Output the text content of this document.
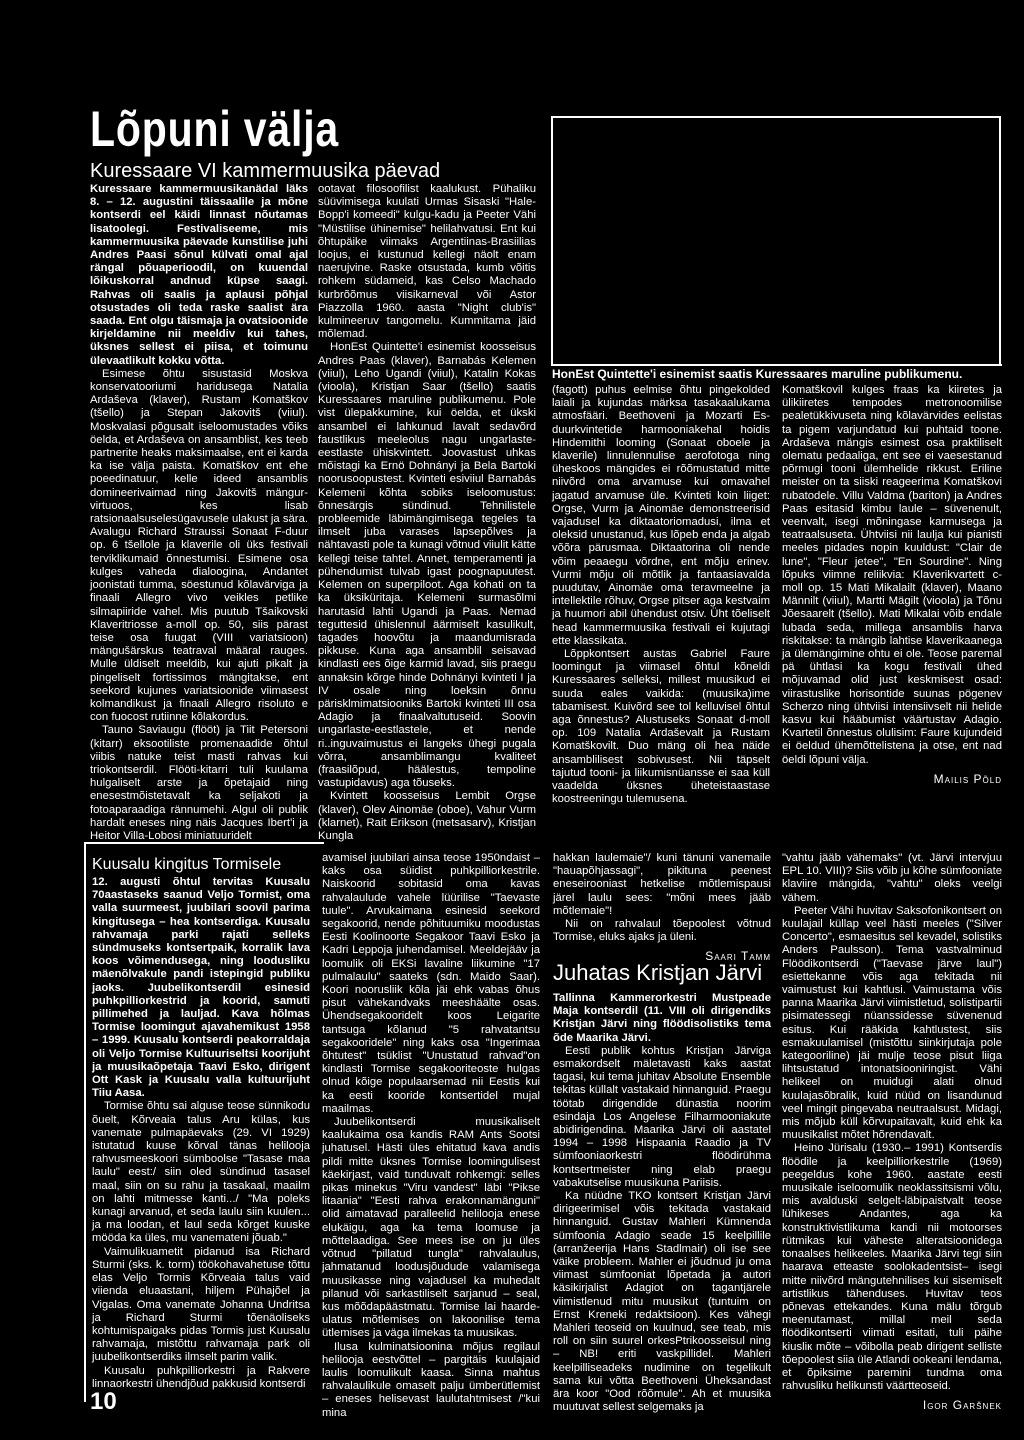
Lõpuni välja
Kuressaare VI kammermuusika päevad
HonEst Quintette'i esinemist saatis Kuressaares maruline publikumenu.

Kuressaare kammermuusikanädal läks 8. – 12. augustini täissaalile ja mõne kontserdi eel käidi linnast nõutamas lisatoolegi. Festivaliseeme, mis kammermuusika päevade kunstilise juhi Andres Paasi sõnul külvati omal ajal rängal põuaperioodil, on kuuendal lõikuskorral andnud küpse saagi. Rahvas oli saalis ja aplausi põhjal otsustades oli teda raske saalist ära saada. Ent olgu täismaja ja ovatsioonide kirjeldamine nii meeldiv kui tahes, üksnes sellest ei piisa, et toimunu ülevaatlikult kokku võtta.

Esimese õhtu sisustasid Moskva konservatooriumi haridusega Natalia Ardaševa (klaver), Rustam Komatškov (tšello) ja Stepan Jakovitš (viiul). Moskvalasi põgusalt iseloomustades võiks öelda, et Ardaševa on ansamblist, kes teeb partnerite heaks maksimaalse, ent ei karda ka ise välja paista. Komatškov ent ehe poeedinatuur, kelle ideed ansamblis domineerivaimad ning Jakovitš mängur-virtuoos, kes lisab ratsionaalsuselesügavusele ulakust ja sära. Avalugu Richard Straussi Sonaat F-duur op. 6 tšellole ja klaverile oli üks festivali terviklikumaid õnnestumisi. Esimene osa kulges vaheda dialoogina, Andantet joonistati tumma, söestunud kõlavärviga ja finaali Allegro vivo veikles petlike silmapiiride vahel. Mis puutub Tšaikovski Klaveritriosse a-moll op. 50, siis pärast teise osa fuugat (VIII variatsioon) mängušärskus teatraval määral rauges. Mulle üldiselt meeldib, kui ajuti pikalt ja pingeliselt fortissimos mängitakse, ent seekord kujunes variatsioonide viimasest kolmandikust ja finaali Allegro risoluto e con fuocost rutiinne kõlakordus.

Tauno Saviaugu (flööt) ja Tiit Petersoni (kitarr) eksootiliste promenaadide õhtul viibis natuke teist masti rahvas kui triokontserdil. Flööti-kitarri tuli kuulama hulgaliselt arste ja õpetajaid ning enesestmõistetavalt ka seljakoti ja fotoaparaadiga rännumehi. Algul oli publik hardalt eneses ning näis Jacques Ibert'i ja Heitor Villa-Lobosi miniatuuridelt

ootavat filosoofilist kaalukust. Pühaliku süüvimisega kuulati Urmas Sisaski "Hale-Bopp'i komeedi" kulgu-kadu ja Peeter Vähi "Müstilise ühinemise" helilahvatusi. Ent kui õhtupäike viimaks Argentiinas-Brasiilias loojus, ei kustunud kellegi näolt enam naerujvine. Raske otsustada, kumb võitis rohkem südameid, kas Celso Machado kurbrõõmus viisikarneval või Astor Piazzolla 1960. aasta "Night club'is" kulmineeruv tangomelu. Kummitama jäid mõlemad.

HonEst Quintette'i esinemist koosseisus Andres Paas (klaver), Barnabás Kelemen (viiul), Leho Ugandi (viiul), Katalin Kokas (vioola), Kristjan Saar (tšello) saatis Kuressaares maruline publikumenu. Pole vist ülepakkumine, kui öelda, et ükski ansambel ei lahkunud lavalt sedavõrd faustlikus meeleolus nagu ungarlaste-eestlaste ühiskvintett. Joovastust uhkas mõistagi ka Ernö Dohnányi ja Bela Bartoki noorusoopustest. Kvinteti esiviiul Barnabás Kelemeni kõhta sobiks iseloomustus: õnnesärgis sündinud. Tehnilistele probleemide läbimängimisega tegeles ta ilmselt juba varases lapsepõlves ja nähtavasti pole ta kunagi võtnud viiulit kätte kellegi teise tahtel. Annet, temperamenti ja pühendumist tulvab igast poognapuutest. Kelemen on superpiloot. Aga kohati on ta ka üksiküritaja. Kelemeni surmasõlmi harutasid lahti Ugandi ja Paas. Nemad teguttesid ühislennul äärmiselt kasulikult, tagades hoovõtu ja maandumisrada pikkuse. Kuna aga ansamblil seisavad kindlasti ees õige karmid lavad, siis praegu annaksin kõrge hinde Dohnányi kvinteti I ja IV osale ning loeksin õnnu pärisklmimatsiooniks Bartoki kvinteti III osa Adagio ja finaalvaltutuseid. Soovin ungarlaste-eestlastele, et nende ri..inguvaimustus ei langeks ühegi pugala võrra, ansamblimangu kvaliteet (fraasilõpud, häälestus, tempoline vastupidavus) aga tõuseks.

Kvintett koosseisus Lembit Orgse (klaver), Olev Ainomäe (oboe), Vahur Vurm (klarnet), Rait Erikson (metsasarv), Kristjan Kungla

(fagott) puhus eelmise õhtu pingekolded laiali ja kujundas märksa tasakaalukama atmosfääri. Beethoveni ja Mozarti Es-duurkvintetide harmooniakehal hoidis Hindemithi looming (Sonaat oboele ja klaverile) linnulennulise aerofotoga ning üheskoos mängides ei rõõmustatud mitte niivõrd oma arvamuse kui omavahel jagatud arvamuse üle. Kvinteti koin liiget: Orgse, Vurm ja Ainomäe demonstreerisid vajadusel ka diktaatoriomadusi, ilma et oleksid unustanud, kus lõpeb enda ja algab võõra pärusmaa. Diktaatorina oli nende võim peaaegu võrdne, ent mõju erinev. Vurmi mõju oli mõtlik ja fantaasiavalda puudutav, Ainomäe oma teravmeelne ja intellektile rõhuv, Orgse pitser aga kestvaim ja huumori abil ühendust otsiv. Üht tõeliselt head kammermuusika festivali ei kujutagi ette klassikata.

Lõppkontsert austas Gabriel Faure loomingut ja viimasel õhtul kõneldi Kuressaares selleksi, millest muusikud ei suuda eales vaikida: (muusika)ime tabamisest. Kuivõrd see tol kelluvisel õhtul aga õnnestus? Alustuseks Sonaat d-moll op. 109 Natalia Ardaševalt ja Rustam Komatškovilt. Duo mäng oli hea näide ansamblilisest sobivusest. Nii täpselt tajutud tooni- ja liikumisnüansse ei saa küll vaadelda üksnes üheteistaastase koostreeningu tulemusena.

Komatškovil kulges fraas ka kiiretes ja ülikiiretes tempodes metronoomilise pealetükkivuseta ning kõlavärvides eelistas ta pigem varjundatud kui puhtaid toone. Ardaševa mängis esimest osa praktiliselt olematu pedaaliga, ent see ei vaesestanud põrmugi tooni ülemhelide rikkust. Eriline meister on ta siiski reageerima Komatškovi rubatodele. Villu Valdma (bariton) ja Andres Paas esitasid kimbu laule – süvenenult, veenvalt, isegi mõningase karmusega ja teatraalsuseta. Ühtviisi nii laulja kui pianisti meeles pidades nopin kuuldust: "Clair de lune", "Fleur jetee", "En Sourdine". Ning lõpuks viimne reliikvia: Klaverikvartett c-moll op. 15 Mati Mikalailt (klaver), Maano Männilt (viiul), Martti Mägilt (vioola) ja Tõnu Jõesaarelt (tšello). Mati Mikalai võib endale lubada seda, millega ansamblis harva riskitakse: ta mängib lahtise klaverikaanega ja ülemängimine ohtu ei ole. Teose paremal pä ühtlasi ka kogu festivali ühed mõjuvamad olid just keskmisest osad: viirastuslike horisontide suunas pögenev Scherzo ning ühtviisi intensiivselt nii helide kasvu kui hääbumist väärtustav Adagio. Kvartetil õnnestus olulisim: Faure kujundeid ei öeldud ühemõttelistena ja otse, ent nad öeldi lõpuni välja.

Mailis Põld

Kuusalu kingitus Tormisele

12. augusti õhtul tervitas Kuusalu 70aastaseks saanud Veljo Tormist, oma valla suurmeest, juubilari soovil parima kingitusega – hea kontserdiga. Kuusalu rahvamaja parki rajati selleks sündmuseks kontsertpaik, korralik lava koos võimendusega, ning loodusliku mäenõlvakule pandi istepingid publiku jaoks. Juubelikontserdil esinesid puhkpilliorkestrid ja koorid, samuti pillimehed ja lauljad. Kava hõlmas Tormise loomingut ajavahemikust 1958 – 1999. Kuusalu kontserdi peakorraldaja oli Veljo Tormise Kultuuriseltsi koorijuht ja muusikaõpetaja Taavi Esko, dirigent Ott Kask ja Kuusalu valla kultuurijuht Tiiu Aasa.

Tormise õhtu sai alguse teose sünnikodu õuelt, Kõrveaia talus Aru külas, kus vanemate pulmapäevaks (29. VI 1929) istutatud kuuse kõrval tänas heliloojа rahvusmeeskoori sümboolse "Tasase maa laulu" eest:/ siin oled sündinud tasasel maal, siin on su rahu ja tasakaal, maailm on lahti mitmesse kanti.../ "Ma poleks kunagi arvanud, et seda laulu siin kuulen... ja ma loodan, et laul seda kõrget kuuske mööda ka üles, mu vanemateni jõuab."

Vaimulikuametit pidanud isa Richard Sturmi (sks. k. torm) töökohavahetuse tõttu elas Veljo Tormis Kõrveaia talus vaid viienda eluaastani, hiljem Pühajõel ja Vigalas. Oma vanemate Johanna Undritsa ja Richard Sturmi tõenäoliseks kohtumispaigaks pidas Tormis just Kuusalu rahvamaja, mistõttu rahvamaja park oli juubelikontserdiks ilmselt parim valik.

Kuusalu puhkpilliorkestri ja Rakvere linnaorkestri ühendjõud pakkusid kontserdi

avamisel juubilari ainsa teose 1950ndaist – kaks osa süidist puhkpilliorkestrile. Naiskoorid sobitasid oma kavas rahvalaulude vahele lüürilise "Taevaste tuule". Arvukaimana esinesid seekord segakoorid, nende põhituumiku moodustas Eesti Koolinoorte Segakoor Taavi Esko ja Kadri Leppoja juhendamisel. Meeldejääv ja loomulik oli EKSi lavaline liikumine "17 pulmalaulu" saateks (sdn. Maido Saar). Koori noorusliik kõla jäi ehk vabas õhus pisut vähekandvaks meeshäälte osas. Ühendsegakooridelt koos Leigarite tantsuga kõlanud "5 rahvatantsu segakooridele" ning kaks osa "Ingerimaa õhtutest" tsüklist "Unustatud rahvad"on kindlasti Tormise segakooriteoste hulgas olnud kõige populaarsemad nii Eestis kui ka eesti kooride kontsertidel mujal maailmas.

Juubelikontserdi muusikaliselt kaalukaima osa kandis RAM Ants Sootsi juhatusel. Hästi üles ehitatud kava andis pildi mitte üksnes Tormise loomingulisest käekirjast, vaid tunduvalt rohkemgi: selles pikas minekus "Viru vandest" läbi "Pikse litaania" "Eesti rahva erakonnamänguni" olid aimatavad paralleelid heliloojа enese elukäigu, aga ka tema loomuse ja mõttelaadiga. See mees ise on ju üles võtnud "pillatud tungla" rahvalaulus, jahmatanud loodusjõudude valamisega muusikasse ning vajadusel ka muhedalt pilanud või sarkastiliselt sarjanud – seal, kus mõõdapäästmatu. Tormise lai haardeulatus mõtlemises on lakoonilise tema ütlemises ja väga ilmekas ta muusikas.

Ilusa kulminatsioonina mõjus regilaul heliloojа eestvõttel – pargitäis kuulajaid laulis loomulikult kaasa. Sinna mahtus rahvalaulikule omaselt palju ümberütlemist – eneses helisevast laulutahtmisest /"kui mina

hakkan laulemaie"/ kuni tänuni vanemaile "hauapõhjassagi", pikituna peenest eneseirooniast hetkelise mõtlemispausi järel laulu sees: "mõni mees jääb mõtlemaie"!

Nii on rahvalaul tõepoolest võtnud Tormise, eluks ajaks ja üleni.

Saari Tamm

Juhatas Kristjan Järvi

Tallinna Kammerorkestri Mustpeade Maja kontserdil (11. VIII oli dirigendiks Kristjan Järvi ning flöödisolistiks tema õde Maarika Järvi.

Eesti publik kohtus Kristjan Järviga esmakordselt mäletavasti kaks aastat tagasi, kui tema juhitav Absolute Ensemble tekitas küllalt vastakaid hinnanguid. Praegu töötab dirigendide dünastia noorim esindaja Los Angelese Filharmooniakute abidirigendina. Maarika Järvi oli aastatel 1994 – 1998 Hispaania Raadio ja TV sümfooniaorkestri flöödirühma kontsertmeister ning elab praegu vabakutselise muusikuna Pariisis.

Ka nüüdne TKO kontsert Kristjan Järvi dirigeerimisel võis tekitada vastakaid hinnanguid. Gustav Mahleri Kümnenda sümfoonia Adagio seade 15 keelpillile (arranžeerija Hans Stadlmair) oli ise see väike probleem. Mahler ei jõudnud ju oma viimast sümfooniat lõpetada ja autori käsikirjalist Adagiot on tagantjärele viimistlenud mitu muusikut (tuntuim on Ernst Krenekі redaktsioon). Kes vähegi Mahleri teoseid on kuulnud, see teab, mis roll on siin suurel orkesPtrikoosseisul ning – NB! eriti vaskpillidel. Mahleri keelpilliseadeks nudimine on tegelikult sama kui võtta Beethoveni Üheksandast ära koor "Ood rõõmule". Ah et muusika muutuvat sellest selgemaks ja

"vahtu jääb vähemaks" (vt. Järvi intervjuu EPL 10. VIII)? Siis võib ju kõhe sümfooniate klaviire mängida, "vahtu" oleks veelgi vähem.

Peeter Vähi huvitav Saksofonikontsert on kuulajail küllap veel hästi meeles ("Silver Concerto", esmaesitus sel kevadel, solistiks Anders Paulsson). Tema vastvalminud Flöödikontserdi ("Taevase järve laul") esiettekanne võis aga tekitada nii vaimustust kui kahtlusi. Vaimustama võis panna Maarika Järvi viimistletud, solistipartii pisimatessegi nüanssidesse süvenenud esitus. Kui rääkida kahtlustest, siis esmakuulamisel (mistõttu siinkirjutaja pole kategooriline) jäi mulje teose pisut liiga lihtsustatud intonatsiooniringist. Vähi helikeel on muidugi alati olnud kuulajasõbralik, kuid nüüd on lisandunud veel mingit pingevaba neutraalsust. Midagi, mis mõjub küll kõrvupaitavalt, kuid ehk ka muusikalist mõtet hõrendavalt.

Heino Jürisalu (1930.– 1991) Kontserdis flöödile ja keelpilliorkestrile (1969) peegeldus kohe 1960. aastate eesti muusikale iseloomulik neoklassitsismi võlu, mis avalduski selgelt-läbipaistvalt teose lühikeses Andantes, aga ka konstruktivistlikuma kandi nii motoorses rütmikas kui väheste alteratsioonidega tonaalses helikeeles. Maarika Järvi tegi siin haarava etteaste soolokadentsist– isegi mitte niivõrd mängutehnilises kui sisemiselt artistlikus tähenduses. Huvitav teos põnevas ettekandes. Kuna mälu tõrgub meenutamast, millal meil seda flöödikontserti viimati esitati, tuli päihe kiusliк mõte – võibolla peab dirigent selliste tõepoolest siia üle Atlandi ookeani lendama, et õpiksime paremini tundma oma rahvusliku helikunsti väärtteoseid.

Igor Garšnek

10
